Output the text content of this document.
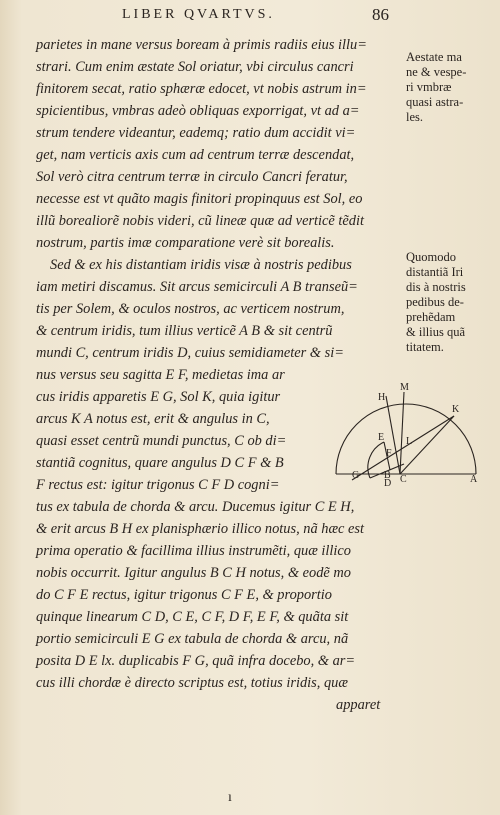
LIBER QVARTVS.	86
parietes in mane versus boream à primis radiis eius illu=
strari. Cum enim æstate Sol oriatur, vbi circulus cancri
finitorem secat, ratio sphæræ edocet, vt nobis astrum in=
spicientibus, vmbras adeò obliquas exporrigat, vt ad a=
strum tendere videantur, eademq; ratio dum accidit vi=
get, nam verticis axis cum ad centrum terræ descendat,
Sol verò citra centrum terræ in circulo Cancri feratur,
necesse est vt quãto magis finitori propinquus est Sol, eo
illũ borealiorẽ nobis videri, cũ lineæ quæ ad verticẽ tẽdit
nostrum, partis imæ comparatione verè sit borealis.
Sed & ex his distantiam iridis visæ à nostris pedibus
iam metiri discamus. Sit arcus semicirculi A B transeũ=
tis per Solem, & oculos nostros, ac verticem nostrum,
& centrum iridis, tum illius verticẽ A B & sit centrũ
mundi C, centrum iridis D, cuius semidiameter & si=
nus versus seu sagitta E F, medietas ima ar
cus iridis apparetis E G, Sol K, quia igitur
arcus K A notus est, erit & angulus in C,
quasi esset centrũ mundi punctus, C ob di=
stantiã cognitus, quare angulus D C F & B
F rectus est: igitur trigonus C F D cogni=
tus ex tabula de chorda & arcu. Ducemus igitur C E H,
& erit arcus B H ex planisphærio illico notus, nã hæc est
prima operatio & facillima illius instrumẽti, quæ illico
nobis occurrit. Igitur angulus B C H notus, & eodẽ mo
do C F E rectus, igitur trigonus C F E, & proportio
quinque linearum C D, C E, C F, D F, E F, & quãta sit
portio semicirculi E G ex tabula de chorda & arcu, nã
posita D E lx. duplicabis F G, quã infra docebo, & ar=
cus illi chordæ è directo scriptus est, totius iridis, quæ
apparet
Aestate ma
ne & vespe-
ri vmbræ
quasi astra-
les.
Quomodo
distantiã Iri
dis à nostris
pedibus de-
prehẽdam
& illius quã
titatem.
M
H
K
A
E L
F
B
G	C
D
ı
